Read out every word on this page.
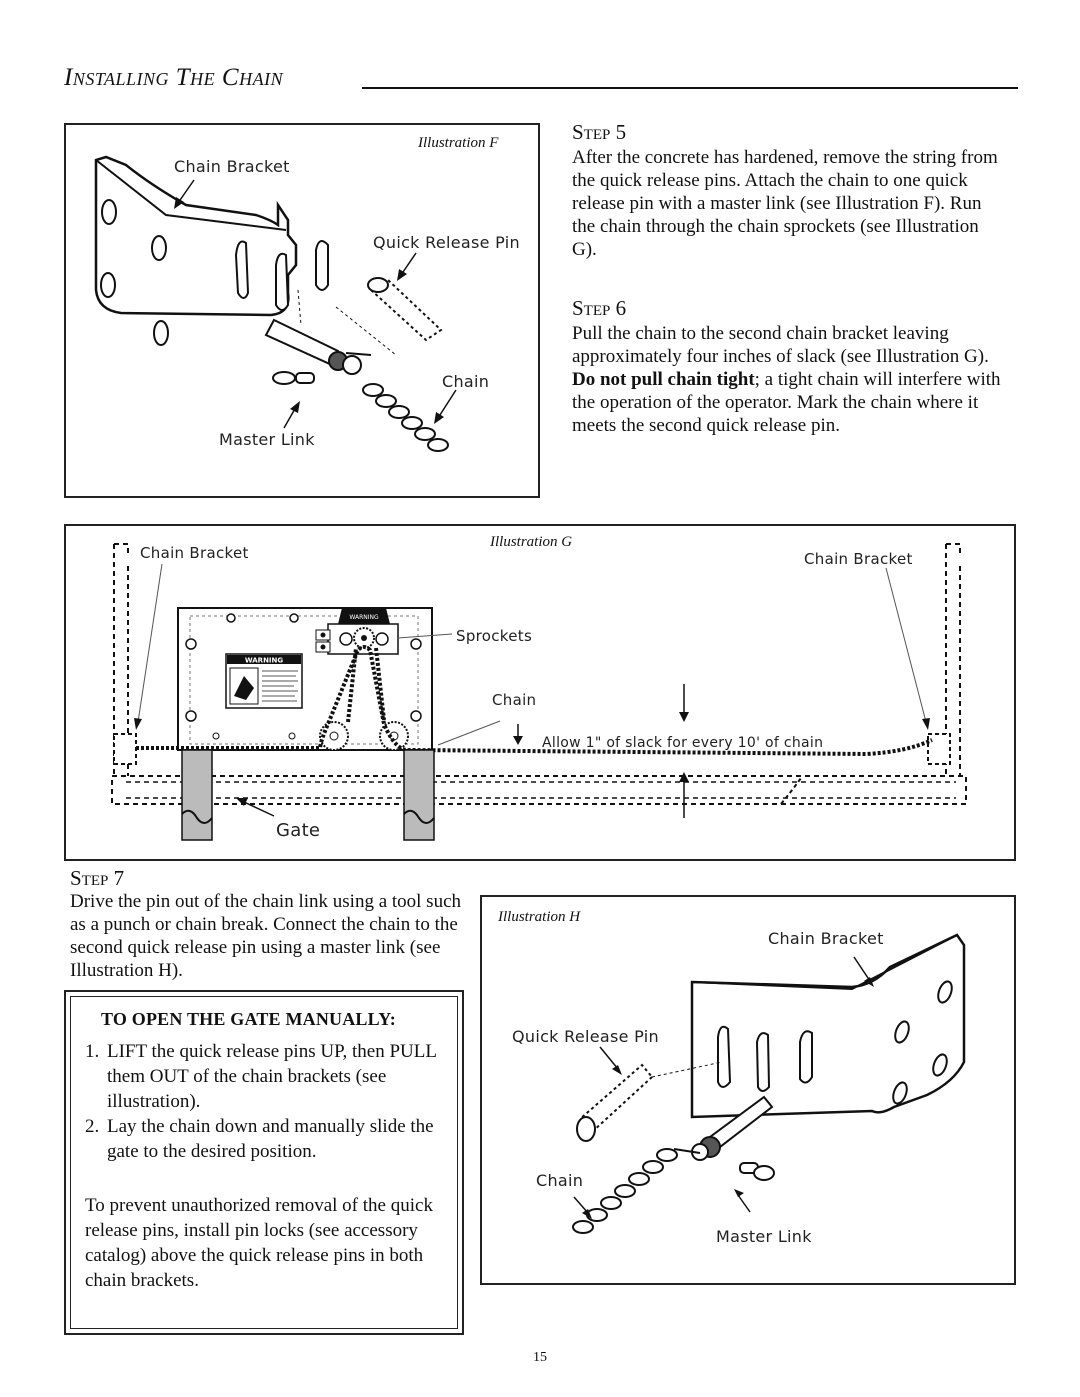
Installing The Chain
Illustration F
Chain Bracket
Quick Release Pin
Chain
Master Link
Step 5
After the concrete has hardened, remove the string from the quick release pins. Attach the chain to one quick release pin with a master link (see Illustration F). Run the chain through the chain sprockets (see Illustration G).
Step 6
Pull the chain to the second chain bracket leaving approximately four inches of slack (see Illustration G). Do not pull chain tight; a tight chain will interfere with the operation of the operator. Mark the chain where it meets the second quick release pin.
Illustration G
WARNING
WARNING
Chain Bracket	Chain Bracket
Sprockets
Chain
Allow 1" of slack for every 10' of chain
Gate
Step 7
Drive the pin out of the chain link using a tool such as a punch or chain break. Connect the chain to the second quick release pin using a master link (see Illustration H).
TO OPEN THE GATE MANUALLY:
1. LIFT the quick release pins UP, then PULL them OUT of the chain brackets (see illustration).
2. Lay the chain down and manually slide the gate to the desired position.
To prevent unauthorized removal of the quick release pins, install pin locks (see accessory catalog) above the quick release pins in both chain brackets.
Illustration H
Chain Bracket
Quick Release Pin
Chain
Master Link
15
